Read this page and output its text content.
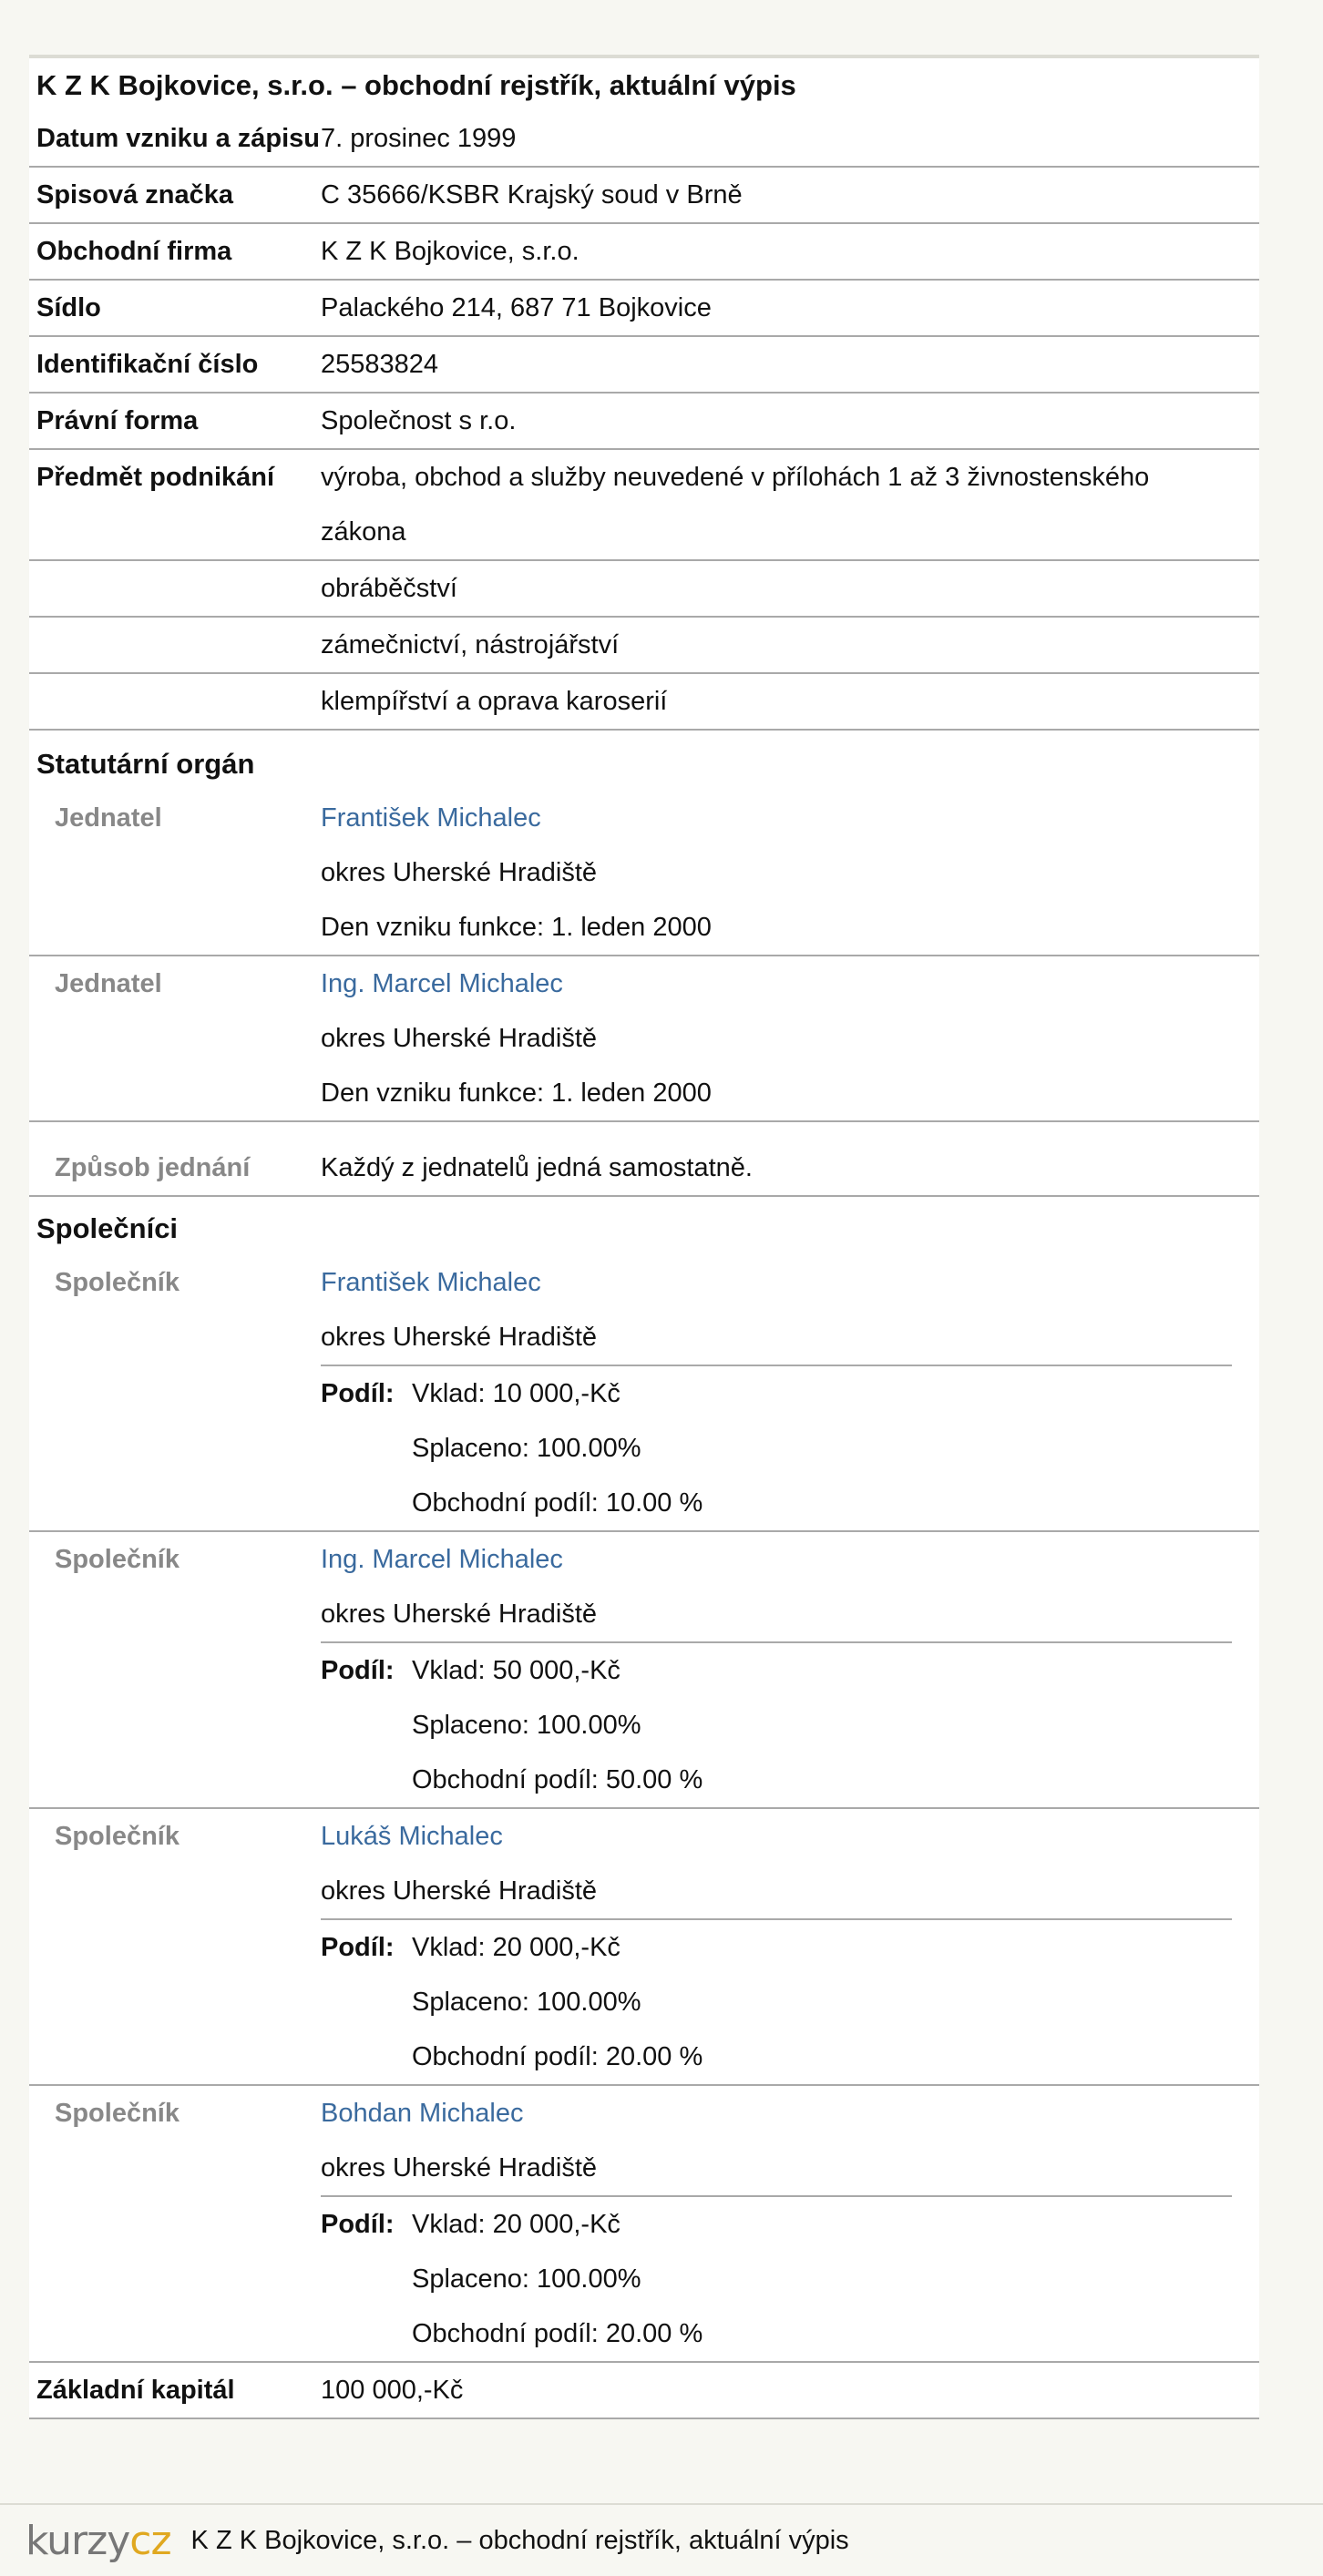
K Z K Bojkovice, s.r.o. – obchodní rejstřík, aktuální výpis
Datum vzniku a zápisu 7. prosinec 1999
Spisová značka	C 35666/KSBR Krajský soud v Brně
Obchodní firma	K Z K Bojkovice, s.r.o.
Sídlo	Palackého 214, 687 71 Bojkovice
Identifikační číslo	25583824
Právní forma	Společnost s r.o.
Předmět podnikání	výroba, obchod a služby neuvedené v přílohách 1 až 3 živnostenského zákona
obráběčství
zámečnictví, nástrojářství
klempířství a oprava karoserií
Statutární orgán
Jednatel	František Michalec
okres Uherské Hradiště
Den vzniku funkce: 1. leden 2000
Jednatel	Ing. Marcel Michalec
okres Uherské Hradiště
Den vzniku funkce: 1. leden 2000
Způsob jednání	Každý z jednatelů jedná samostatně.
Společníci
Společník	František Michalec
okres Uherské Hradiště
Podíl: Vklad: 10 000,-Kč
Splaceno: 100.00%
Obchodní podíl: 10.00 %
Společník	Ing. Marcel Michalec
okres Uherské Hradiště
Podíl: Vklad: 50 000,-Kč
Splaceno: 100.00%
Obchodní podíl: 50.00 %
Společník	Lukáš Michalec
okres Uherské Hradiště
Podíl: Vklad: 20 000,-Kč
Splaceno: 100.00%
Obchodní podíl: 20.00 %
Společník	Bohdan Michalec
okres Uherské Hradiště
Podíl: Vklad: 20 000,-Kč
Splaceno: 100.00%
Obchodní podíl: 20.00 %
Základní kapitál	100 000,-Kč
kurzy cz K Z K Bojkovice, s.r.o. – obchodní rejstřík, aktuální výpis
